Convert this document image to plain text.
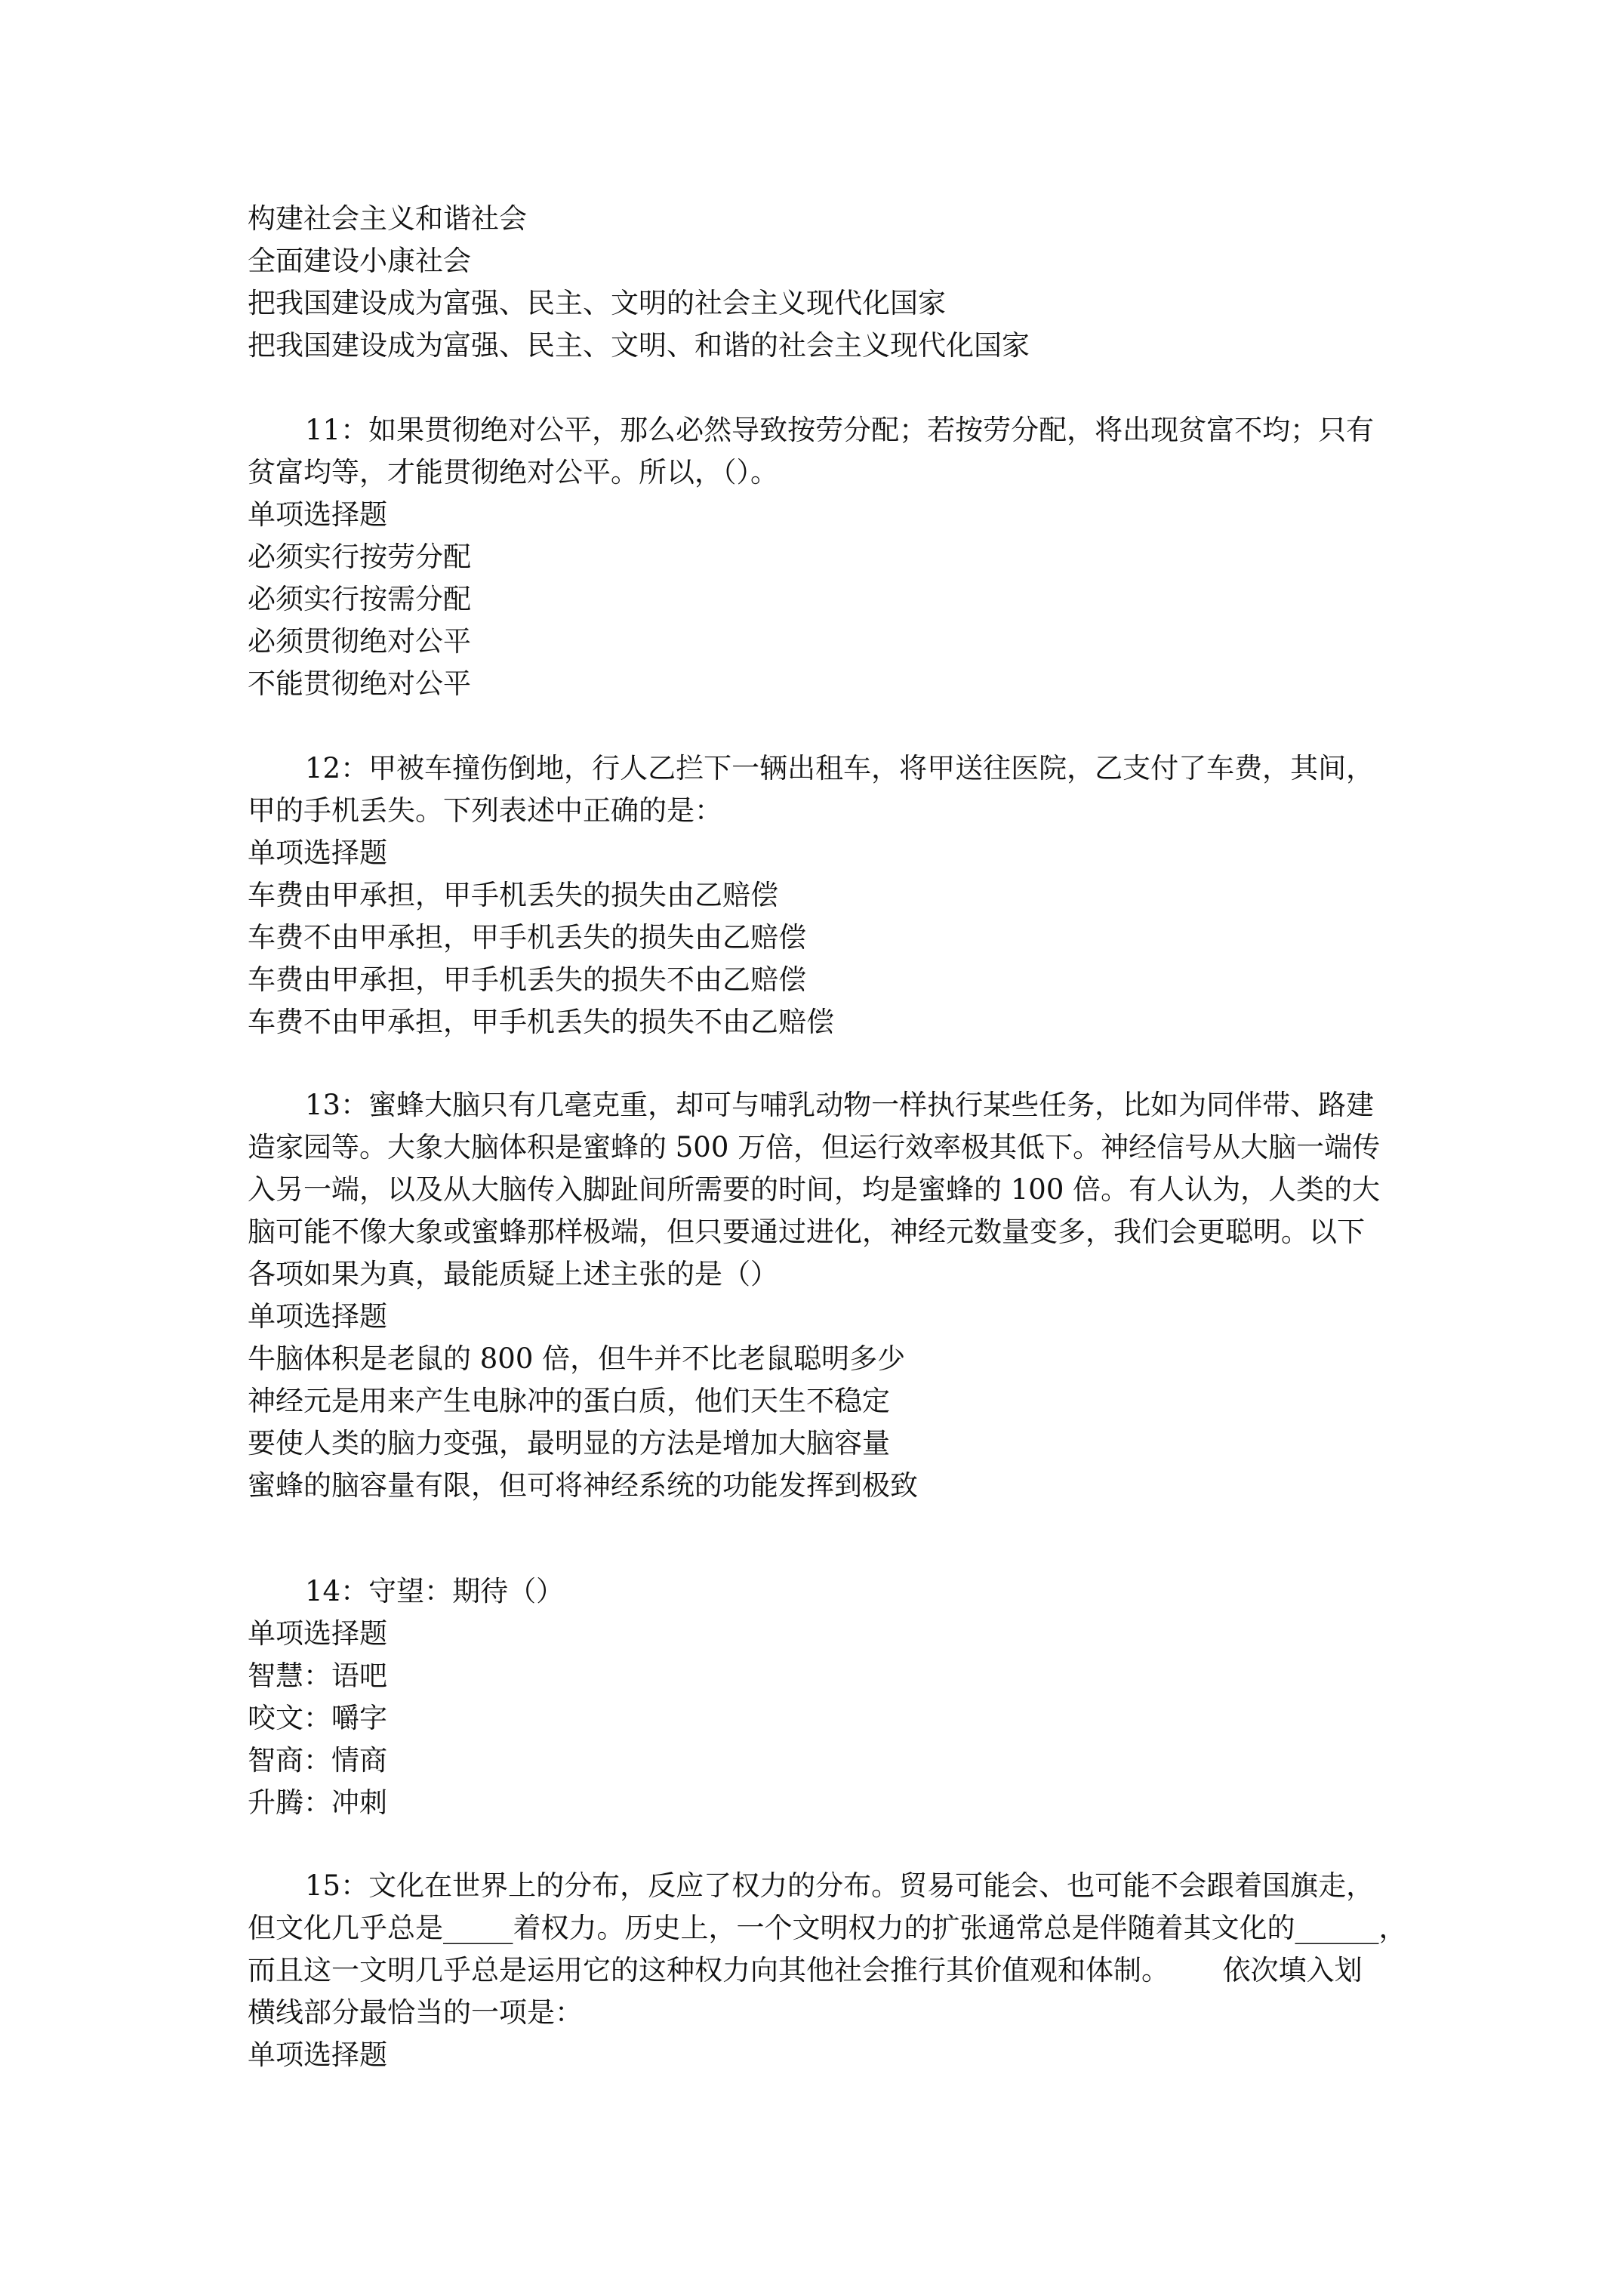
构建社会主义和谐社会
全面建设小康社会
把我国建设成为富强、民主、文明的社会主义现代化国家
把我国建设成为富强、民主、文明、和谐的社会主义现代化国家
11：如果贯彻绝对公平，那么必然导致按劳分配；若按劳分配，将出现贫富不均；只有
贫富均等，才能贯彻绝对公平。所以，（）。
单项选择题
必须实行按劳分配
必须实行按需分配
必须贯彻绝对公平
不能贯彻绝对公平
12：甲被车撞伤倒地，行人乙拦下一辆出租车，将甲送往医院，乙支付了车费，其间，
甲的手机丢失。下列表述中正确的是：
单项选择题
车费由甲承担，甲手机丢失的损失由乙赔偿
车费不由甲承担，甲手机丢失的损失由乙赔偿
车费由甲承担，甲手机丢失的损失不由乙赔偿
车费不由甲承担，甲手机丢失的损失不由乙赔偿
13：蜜蜂大脑只有几毫克重，却可与哺乳动物一样执行某些任务，比如为同伴带、路建
造家园等。大象大脑体积是蜜蜂的 500 万倍，但运行效率极其低下。神经信号从大脑一端传
入另一端，以及从大脑传入脚趾间所需要的时间，均是蜜蜂的 100 倍。有人认为，人类的大
脑可能不像大象或蜜蜂那样极端，但只要通过进化，神经元数量变多，我们会更聪明。以下
各项如果为真，最能质疑上述主张的是（）
单项选择题
牛脑体积是老鼠的 800 倍，但牛并不比老鼠聪明多少
神经元是用来产生电脉冲的蛋白质，他们天生不稳定
要使人类的脑力变强，最明显的方法是增加大脑容量
蜜蜂的脑容量有限，但可将神经系统的功能发挥到极致
14：守望：期待（）
单项选择题
智慧：语吧
咬文：嚼字
智商：情商
升腾：冲刺
15：文化在世界上的分布，反应了权力的分布。贸易可能会、也可能不会跟着国旗走，
但文化几乎总是_____着权力。历史上，一个文明权力的扩张通常总是伴随着其文化的______，
而且这一文明几乎总是运用它的这种权力向其他社会推行其价值观和体制。      依次填入划
横线部分最恰当的一项是：
单项选择题
